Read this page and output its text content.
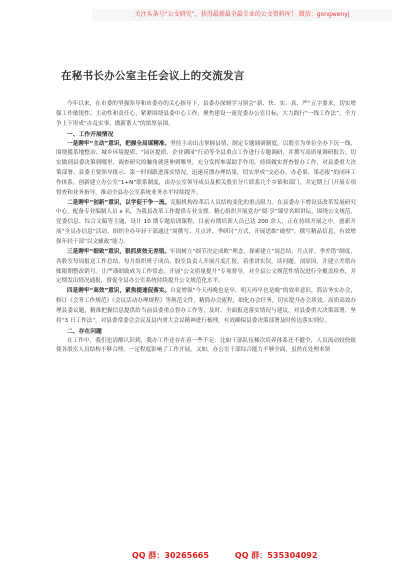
关注头条号“公文研究”，获得最新最全最专业的公文资料库！ 微信：gongwenyj
在秘书长办公室主任会议上的交流发言

今年以来，在市委的坚强领导和市委办的关心指导下，县委办深刻学习领会“新、快、实、真、严”五字要求，切实增强工作敏锐性、主动性和责任心，紧紧围绕县委中心工作，聚焦建设一流党委办公室目标，大力践行“一线工作法”，全力争上下形成“办乱实事、做新谐人”的浓厚氛围。

一、工作开展情况

一是聘牢“主动”意识，把握全局谋精准。坚持主动出击掌握县情，制定专题调研制度，以股室为单位全办下沉一线，围绕揽茶地整治、城乡环境提质、“园区提质、企业满园”行动等全县重点工作进行专题调研，并撰写高质量调研报告。切实做到县委决策到哪里、调查研究的触角就延伸到哪里，充分发挥参谋助手作用。持续做实督查督办工作，对县委重大决策部署、县委主要领导批示、第一时间跟进落实情况，迅速反馈办理结果，切实形成“交必办、办必果、果必报”的闭环工作体系。创新建立办公室“1+N”联系制度，由办公室领导成员及相关股室分片联系几个乡镇和部门，并定期上门开展专项督查和业务指导，推动全县办公室系统业务水平持续提升。

二是聘牢“创新”意识，以学促干争一流。克服机构改革后人员结构变化的重点阻力。在县委办下增设县改革发展研究中心，配备专业编制人员 x 名，为我县改革工作提供专业支撑。精心组织开展党办“阅·享”课堂名师讲坛，围绕公文规范、党委信息、综合文稿等主题，设计 10 期专题培训课程，目前有期培训人员已达 200 余人，正在持续开展之中。创新开展“全员办信息”活动，组织全办年轻干部通过“周撰写、月点评、季研讨”方式，开展思维“破壁”，撰写精品信息，有效增强年轻干部“以文辅政”能力。

三是聘牢“细致”意识，狠抓质效无差错。牢固树立“细节决定成败”理念，探索建立“周总结、月点评、季差错”制度，各股室每周报送工作总结，每月组织班子成员、股室负责人开展月度汇报，着重讲实误，谈问题。剖原因，并建立差错台账限期整改销号。让严谨细致成为工作常态。开展“公文质量提升”专项督导，对全县公文规范性情况进行全覆盖检查，并定期发出情况通报，督促全县办公室系统持续提升公文规范化水平。

四是聘牢“高效”意识，紧焦提速促落实。自觉增强“今天再晚也是早、明天再早也是晚”的效率意识，简洁务实办会，修订《会务工作规范》《会议活动办理规程》等规范文件，精简办会流程，细化办会任务，切实提升办会质效。高质高效办理县委议题，精准把握信息提供给当前县委重点督办工作等，及时、全面报送落实情况与建议，对县委重大决策部署，坚持“3 日工作法”，对县委常委会会议及县内重大会议精神进行梳理，有效确保县委决策部署及时传达落实到位。

二、存在问题

在工作中，我们也清醒认识到，我办工作还存在着一些不足：比如干部队伍梯次培养体系还不健全，人员流动较快致使各股室人员结构不够合理，一定程度影响了工作开展。又如，办公室干部综合能力不够全面，虽然在处理本领

QQ 群：30265665	QQ 群：535304092
